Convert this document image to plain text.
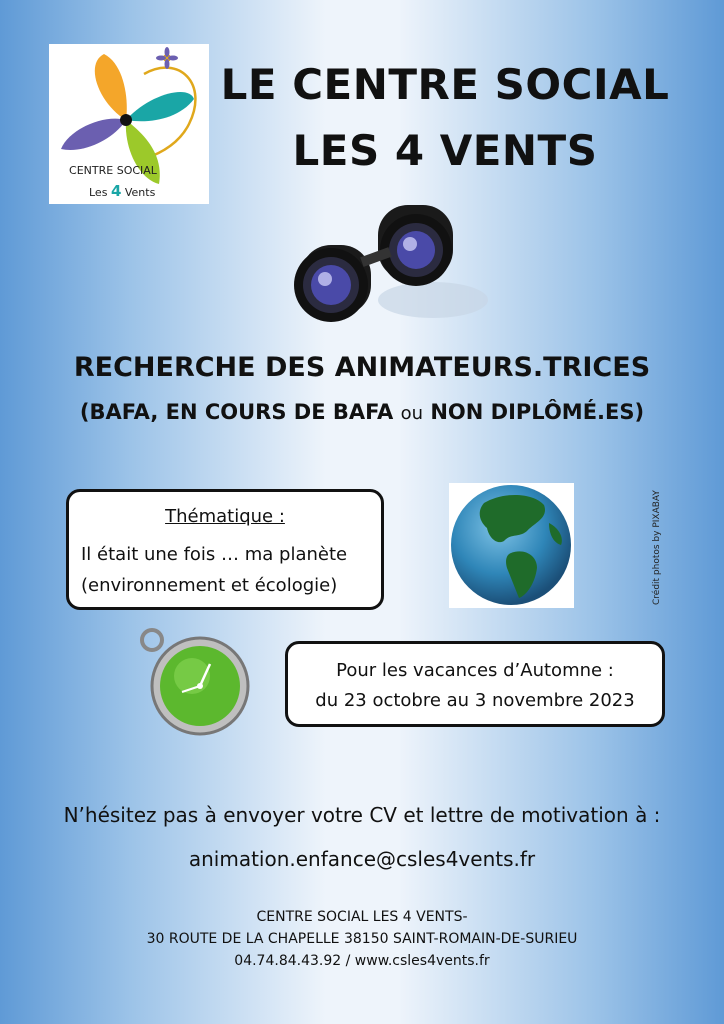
CENTRE SOCIAL
Les 4 Vents
LE CENTRE SOCIAL
LES 4 VENTS
RECHERCHE DES ANIMATEURS.TRICES
(BAFA, EN COURS DE BAFA ou NON DIPLÔMÉ.ES)
Thématique :
Il était une fois … ma planète
(environnement et écologie)	Crédit photos by PIXABAY
Pour les vacances d’Automne :
du 23 octobre au 3 novembre 2023
N’hésitez pas à envoyer votre CV et lettre de motivation à :
animation.enfance@csles4vents.fr
CENTRE SOCIAL LES 4 VENTS-
30 ROUTE DE LA CHAPELLE 38150 SAINT-ROMAIN-DE-SURIEU
04.74.84.43.92 / www.csles4vents.fr
